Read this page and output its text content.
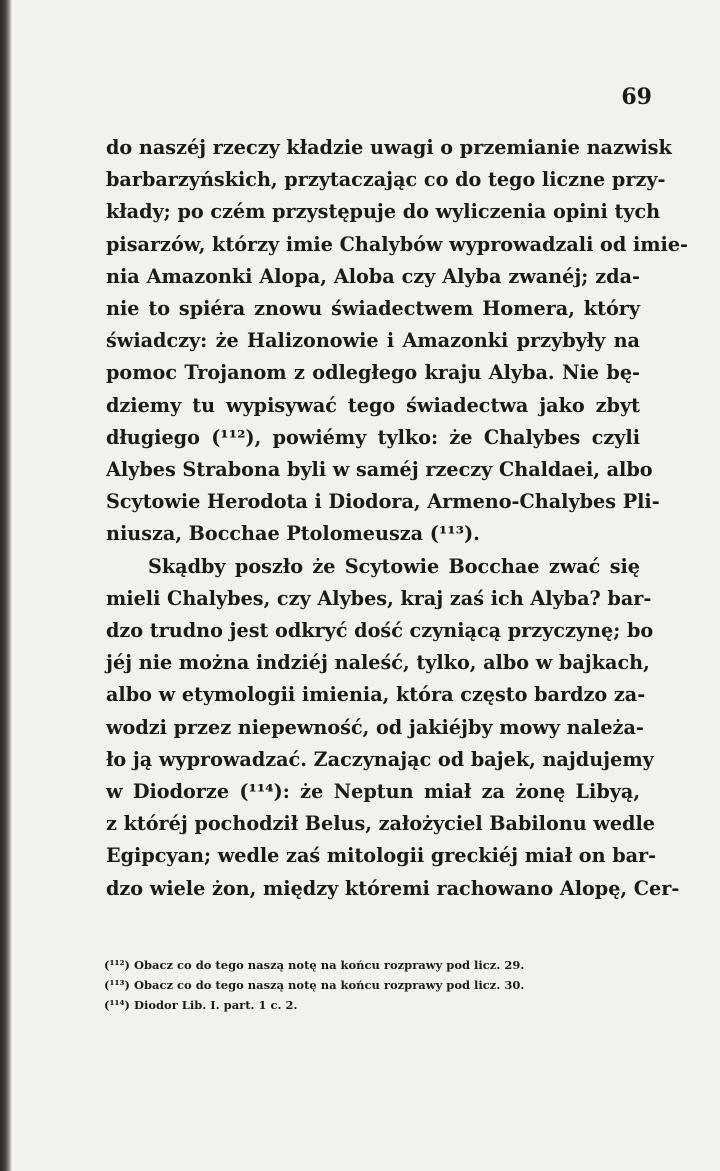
69
do naszéj rzeczy kładzie uwagi o przemianie nazwisk
barbarzyńskich, przytaczając co do tego liczne przy-
kłady; po czém przystępuje do wyliczenia opini tych
pisarzów, którzy imie Chalybów wyprowadzali od imie-
nia Amazonki Alopa, Aloba czy Alyba zwanéj; zda-
nie to spiéra znowu świadectwem Homera, który
świadczy: że Halizonowie i Amazonki przybyły na
pomoc Trojanom z odległego kraju Alyba. Nie bę-
dziemy tu wypisywać tego świadectwa jako zbyt
długiego (¹¹²), powiémy tylko: że Chalybes czyli
Alybes Strabona byli w saméj rzeczy Chaldaei, albo
Scytowie Herodota i Diodora, Armeno-Chalybes Pli-
niusza, Bocchae Ptolomeusza (¹¹³).
Skądby poszło że Scytowie Bocchae zwać się
mieli Chalybes, czy Alybes, kraj zaś ich Alyba? bar-
dzo trudno jest odkryć dość czyniącą przyczynę; bo
jéj nie można indziéj naleść, tylko, albo w bajkach,
albo w etymologii imienia, która często bardzo za-
wodzi przez niepewność, od jakiéjby mowy należa-
ło ją wyprowadzać. Zaczynając od bajek, najdujemy
w Diodorze (¹¹⁴): że Neptun miał za żonę Libyą,
z któréj pochodził Belus, założyciel Babilonu wedle
Egipcyan; wedle zaś mitologii greckiéj miał on bar-
dzo wiele żon, między któremi rachowano Alopę, Cer-
(¹¹²) Obacz co do tego naszą notę na końcu rozprawy pod licz. 29.
(¹¹³) Obacz co do tego naszą notę na końcu rozprawy pod licz. 30.
(¹¹⁴) Diodor Lib. I. part. 1 c. 2.
